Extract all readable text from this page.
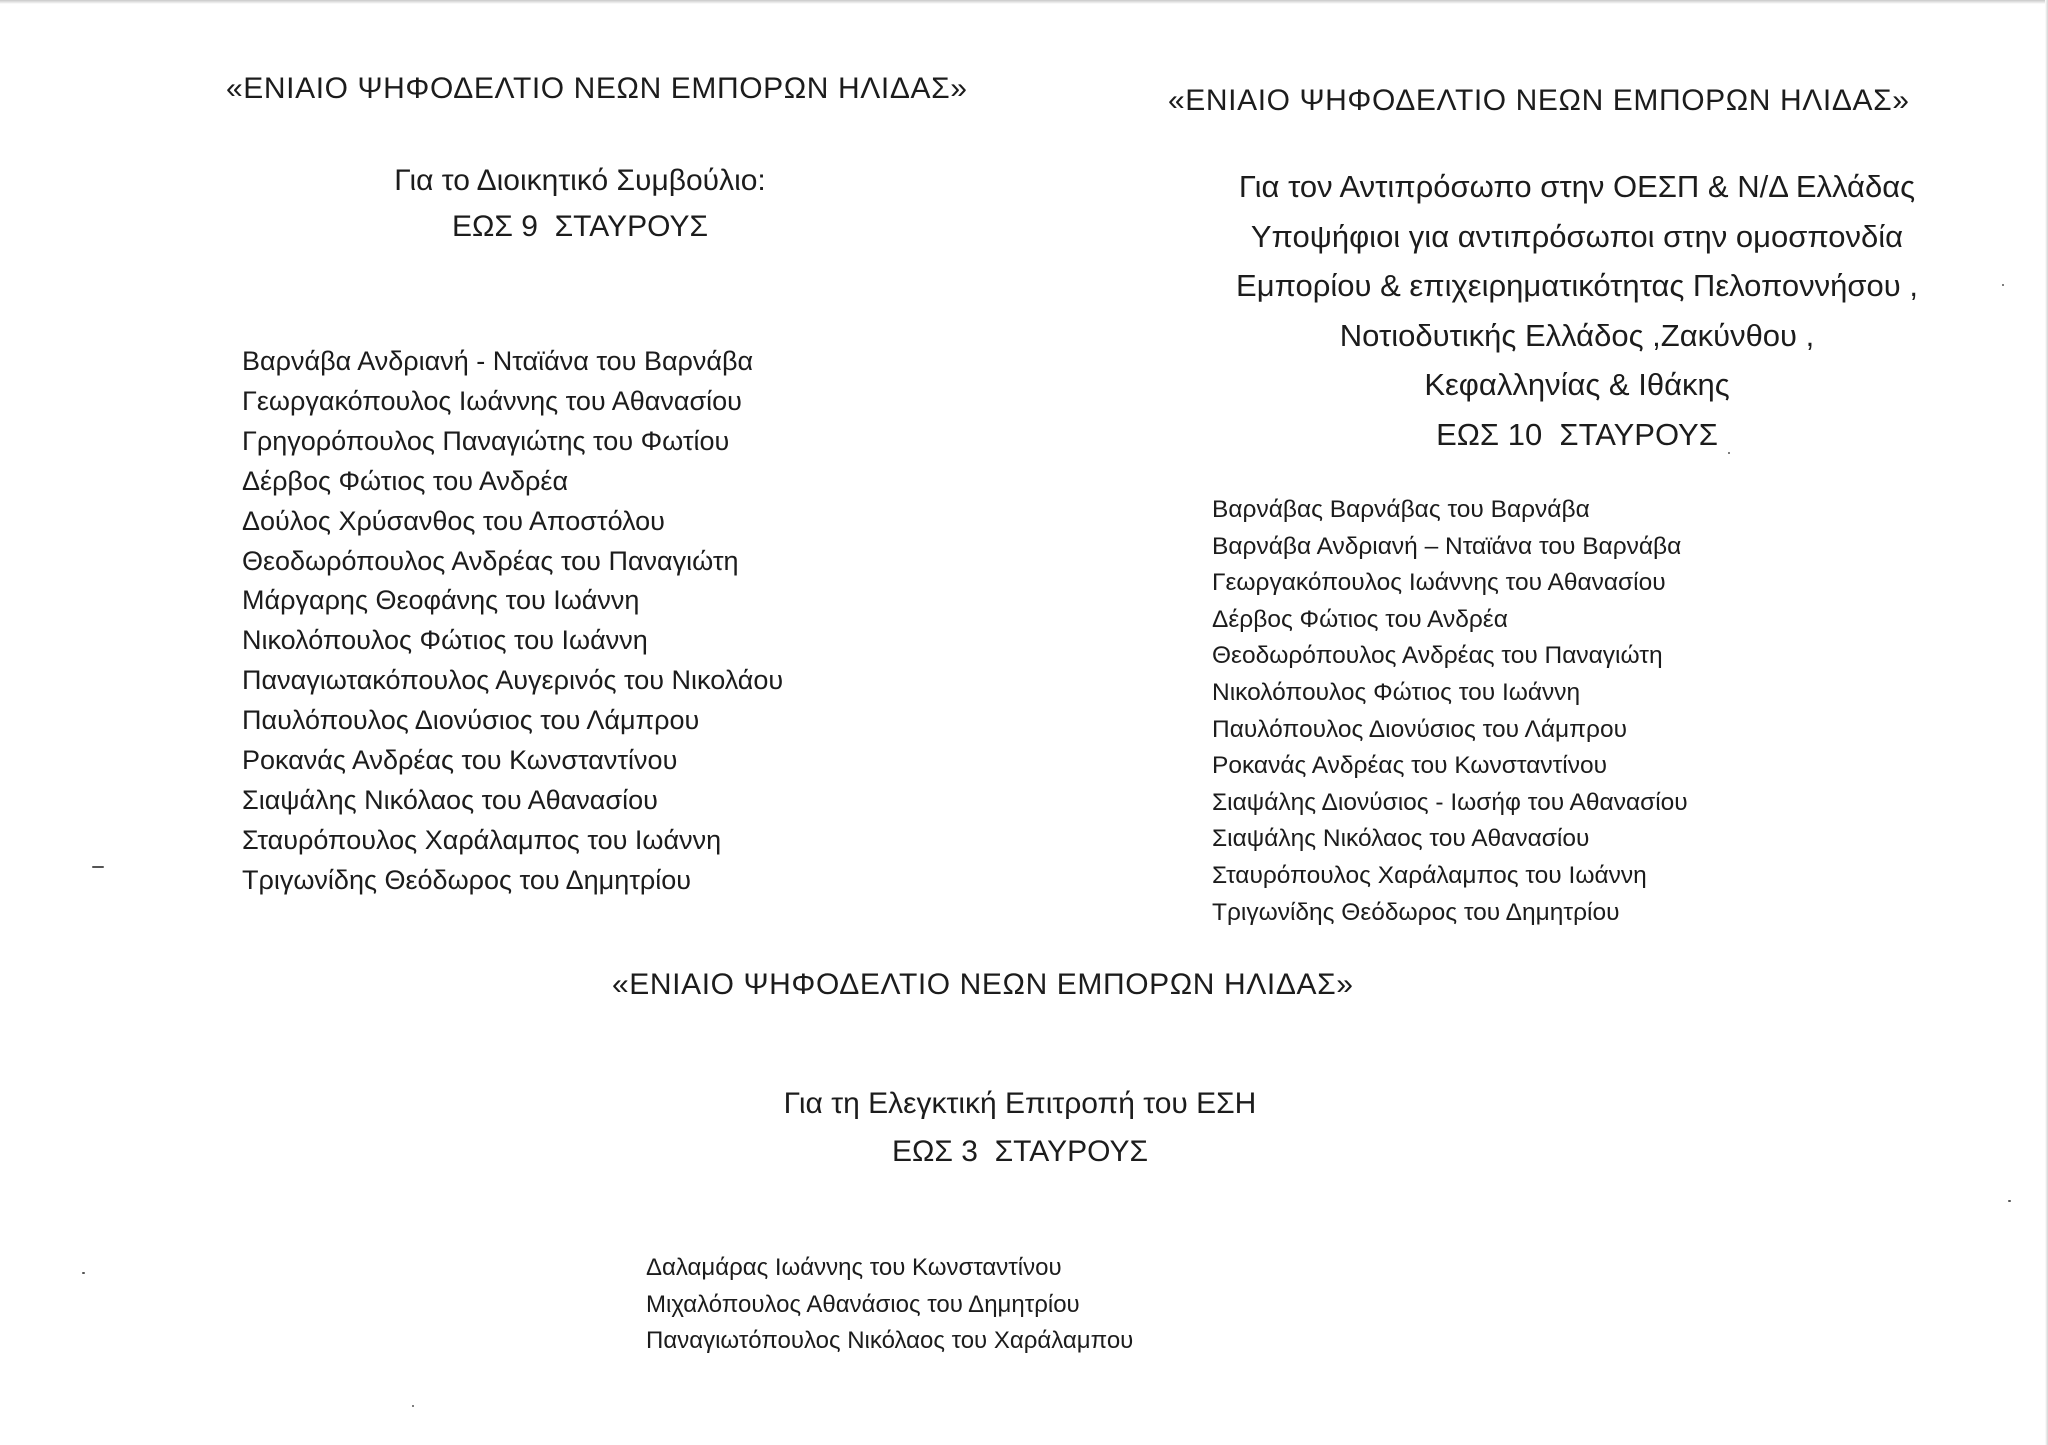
«ΕΝΙΑΙΟ ΨΗΦΟΔΕΛΤΙΟ ΝΕΩΝ ΕΜΠΟΡΩΝ ΗΛΙΔΑΣ»
Για το Διοικητικό Συμβούλιο:
ΕΩΣ 9  ΣΤΑΥΡΟΥΣ
Βαρνάβα Ανδριανή - Νταϊάνα του Βαρνάβα
Γεωργακόπουλος Ιωάννης του Αθανασίου
Γρηγορόπουλος Παναγιώτης του Φωτίου
Δέρβος Φώτιος του Ανδρέα
Δούλος Χρύσανθος του Αποστόλου
Θεοδωρόπουλος Ανδρέας του Παναγιώτη
Μάργαρης Θεοφάνης του Ιωάννη
Νικολόπουλος Φώτιος του Ιωάννη
Παναγιωτακόπουλος Αυγερινός του Νικολάου
Παυλόπουλος Διονύσιος του Λάμπρου
Ροκανάς Ανδρέας του Κωνσταντίνου
Σιαψάλης Νικόλαος του Αθανασίου
Σταυρόπουλος Χαράλαμπος του Ιωάννη
Τριγωνίδης Θεόδωρος του Δημητρίου
«ΕΝΙΑΙΟ ΨΗΦΟΔΕΛΤΙΟ ΝΕΩΝ ΕΜΠΟΡΩΝ ΗΛΙΔΑΣ»
Για τον Αντιπρόσωπο στην ΟΕΣΠ & Ν/Δ Ελλάδας
Υποψήφιοι για αντιπρόσωποι στην ομοσπονδία
Εμπορίου & επιχειρηματικότητας Πελοποννήσου ,
Νοτιοδυτικής Ελλάδος ,Ζακύνθου ,
Κεφαλληνίας & Ιθάκης
ΕΩΣ 10  ΣΤΑΥΡΟΥΣ
Βαρνάβας Βαρνάβας του Βαρνάβα
Βαρνάβα Ανδριανή – Νταϊάνα του Βαρνάβα
Γεωργακόπουλος Ιωάννης του Αθανασίου
Δέρβος Φώτιος του Ανδρέα
Θεοδωρόπουλος Ανδρέας του Παναγιώτη
Νικολόπουλος Φώτιος του Ιωάννη
Παυλόπουλος Διονύσιος του Λάμπρου
Ροκανάς Ανδρέας του Κωνσταντίνου
Σιαψάλης Διονύσιος - Ιωσήφ του Αθανασίου
Σιαψάλης Νικόλαος του Αθανασίου
Σταυρόπουλος Χαράλαμπος του Ιωάννη
Τριγωνίδης Θεόδωρος του Δημητρίου
«ΕΝΙΑΙΟ ΨΗΦΟΔΕΛΤΙΟ ΝΕΩΝ ΕΜΠΟΡΩΝ ΗΛΙΔΑΣ»
Για τη Ελεγκτική Επιτροπή του ΕΣΗ
ΕΩΣ 3  ΣΤΑΥΡΟΥΣ
Δαλαμάρας Ιωάννης του Κωνσταντίνου
Μιχαλόπουλος Αθανάσιος του Δημητρίου
Παναγιωτόπουλος Νικόλαος του Χαράλαμπου
